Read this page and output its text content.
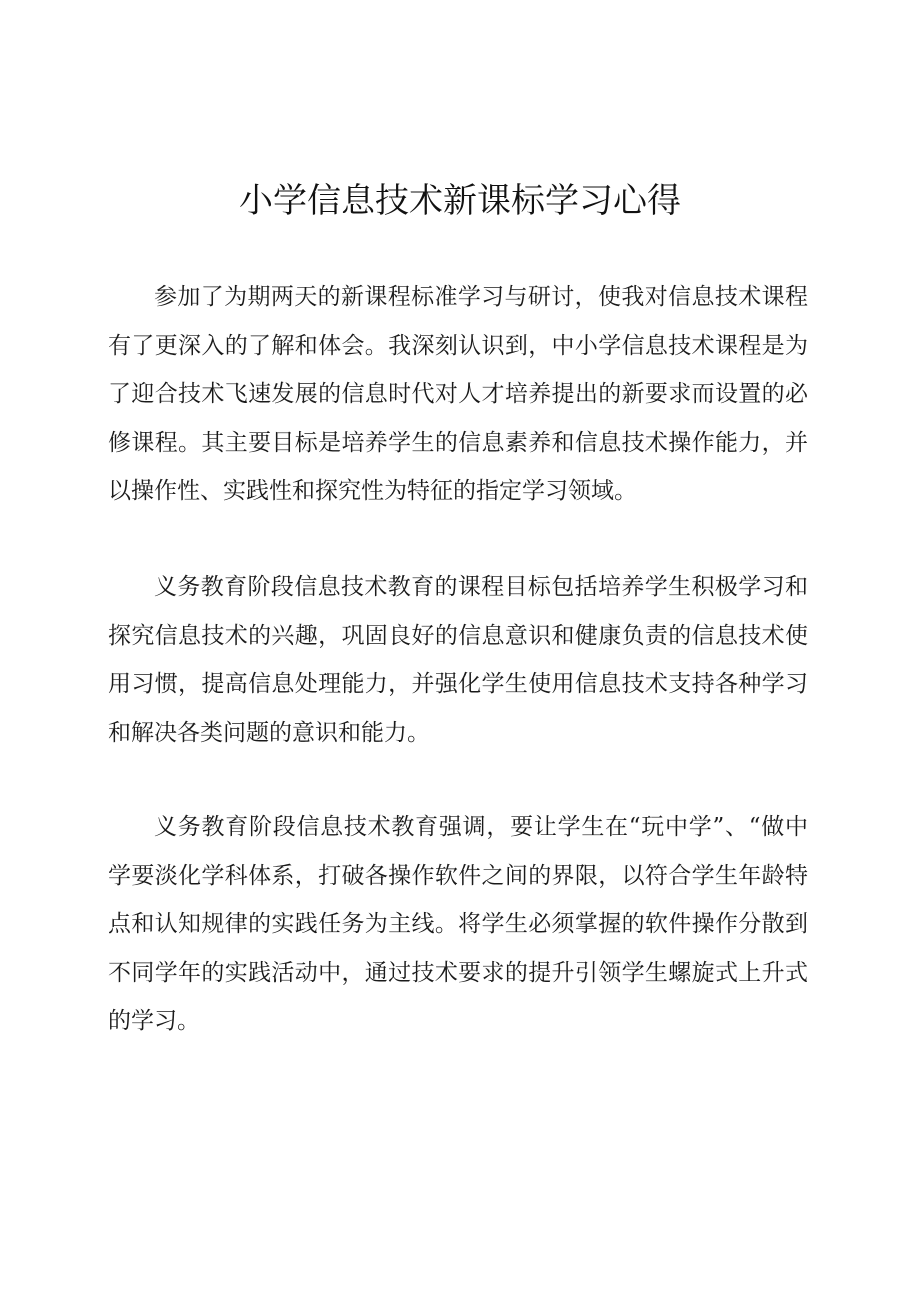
小学信息技术新课标学习心得

参加了为期两天的新课程标准学习与研讨，使我对信息技术课程有了更深入的了解和体会。我深刻认识到，中小学信息技术课程是为了迎合技术飞速发展的信息时代对人才培养提出的新要求而设置的必修课程。其主要目标是培养学生的信息素养和信息技术操作能力，并以操作性、实践性和探究性为特征的指定学习领域。

义务教育阶段信息技术教育的课程目标包括培养学生积极学习和探究信息技术的兴趣，巩固良好的信息意识和健康负责的信息技术使用习惯，提高信息处理能力，并强化学生使用信息技术支持各种学习和解决各类问题的意识和能力。

义务教育阶段信息技术教育强调，要让学生在“玩中学”、“做中学要淡化学科体系，打破各操作软件之间的界限，以符合学生年龄特点和认知规律的实践任务为主线。将学生必须掌握的软件操作分散到不同学年的实践活动中，通过技术要求的提升引领学生螺旋式上升式的学习。
